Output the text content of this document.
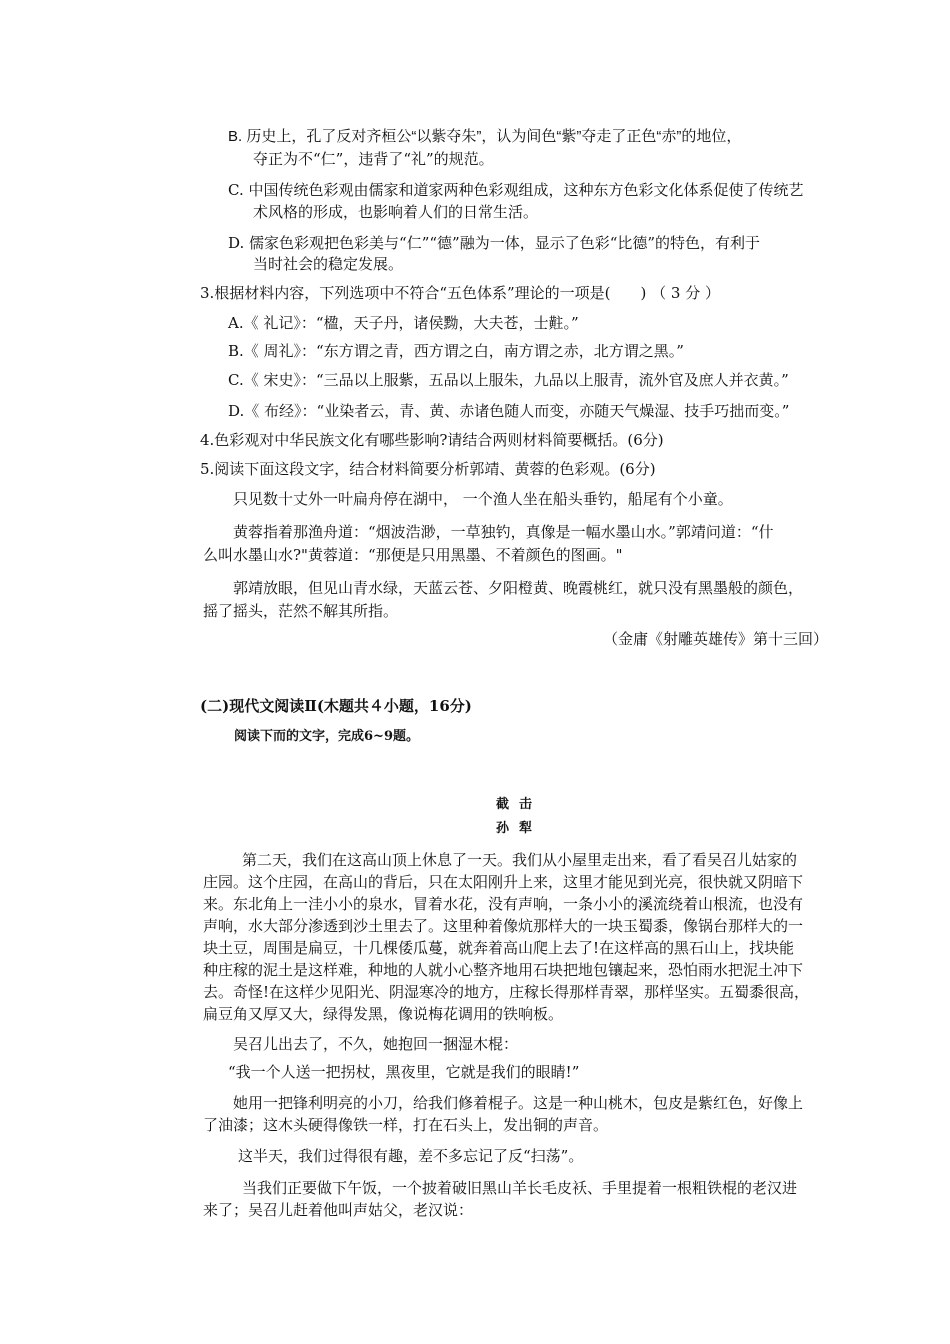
B. 历史上，孔了反对齐桓公“以紫夺朱”，认为间色“紫”夺走了正色“赤”的地位，
夺正为不“仁”，违背了“礼”的规范。
C. 中国传统色彩观由儒家和道家两种色彩观组成，这种东方色彩文化体系促使了传统艺
术风格的形成，也影响着人们的日常生活。
D. 儒家色彩观把色彩美与“仁”“德”融为一体，显示了色彩“比德”的特色，有利于
当时社会的稳定发展。
3.根据材料内容，下列选项中不符合“五色体系”理论的一项是(　　) （ 3 分 ）
A.《 礼记》：“楹，天子丹，诸侯黝，大夫苍，士黈。”
B.《 周礼》：“东方谓之青，西方谓之白，南方谓之赤，北方谓之黑。”
C.《 宋史》：“三品以上服紫，五品以上服朱，九品以上服青，流外官及庶人并衣黄。”
D.《 布经》：“业染者云，青、黄、赤诸色随人而变，亦随天气燥湿、技手巧拙而变。”
4.色彩观对中华民族文化有哪些影响?请结合两则材料简要概括。(6分)
5.阅读下面这段文字，结合材料简要分析郭靖、黄蓉的色彩观。(6分)
只见数十丈外一叶扁舟停在湖中， 一个渔人坐在船头垂钓，船尾有个小童。
黄蓉指着那渔舟道：“烟波浩渺，一草独钓，真像是一幅水墨山水。”郭靖问道：“什
么叫水墨山水?"黄蓉道：“那便是只用黑墨、不着颜色的图画。"
郭靖放眼，但见山青水绿，天蓝云苍、夕阳橙黄、晚霞桃红，就只没有黑墨般的颜色，
摇了摇头，茫然不解其所指。
（金庸《射雕英雄传》第十三回）
(二)现代文阅读Ⅱ(木题共４小题，16分)
阅读下而的文字，完成6~9题。
截击
孙犁
第二天，我们在这高山顶上休息了一天。我们从小屋里走出来，看了看吴召儿姑家的
庄园。这个庄园，在高山的背后，只在太阳刚升上来，这里才能见到光亮，很快就又阴暗下
来。东北角上一洼小小的泉水，冒着水花，没有声响，一条小小的溪流绕着山根流，也没有
声响，水大部分渗透到沙土里去了。这里种着像炕那样大的一块玉蜀黍，像锅台那样大的一
块土豆，周围是扁豆，十几棵倭瓜蔓，就奔着高山爬上去了!在这样高的黑石山上，找块能
种庄稼的泥土是这样难，种地的人就小心整齐地用石块把地包镶起来，恐怕雨水把泥土冲下
去。奇怪!在这样少见阳光、阴湿寒冷的地方，庄稼长得那样青翠，那样坚实。五蜀黍很高，
扁豆角又厚又大，绿得发黑，像说梅花调用的铁响板。
吴召儿出去了，不久，她抱回一捆湿木棍：
“我一个人送一把拐杖，黑夜里，它就是我们的眼睛!”
她用一把锋利明亮的小刀，给我们修着棍子。这是一种山桃木，包皮是紫红色，好像上
了油漆；这木头硬得像铁一样，打在石头上，发出铜的声音。
这半天，我们过得很有趣，差不多忘记了反“扫荡”。
当我们正要做下午饭，一个披着破旧黑山羊长毛皮袄、手里提着一根粗铁棍的老汉进
来了；吴召儿赶着他叫声姑父，老汉说：
